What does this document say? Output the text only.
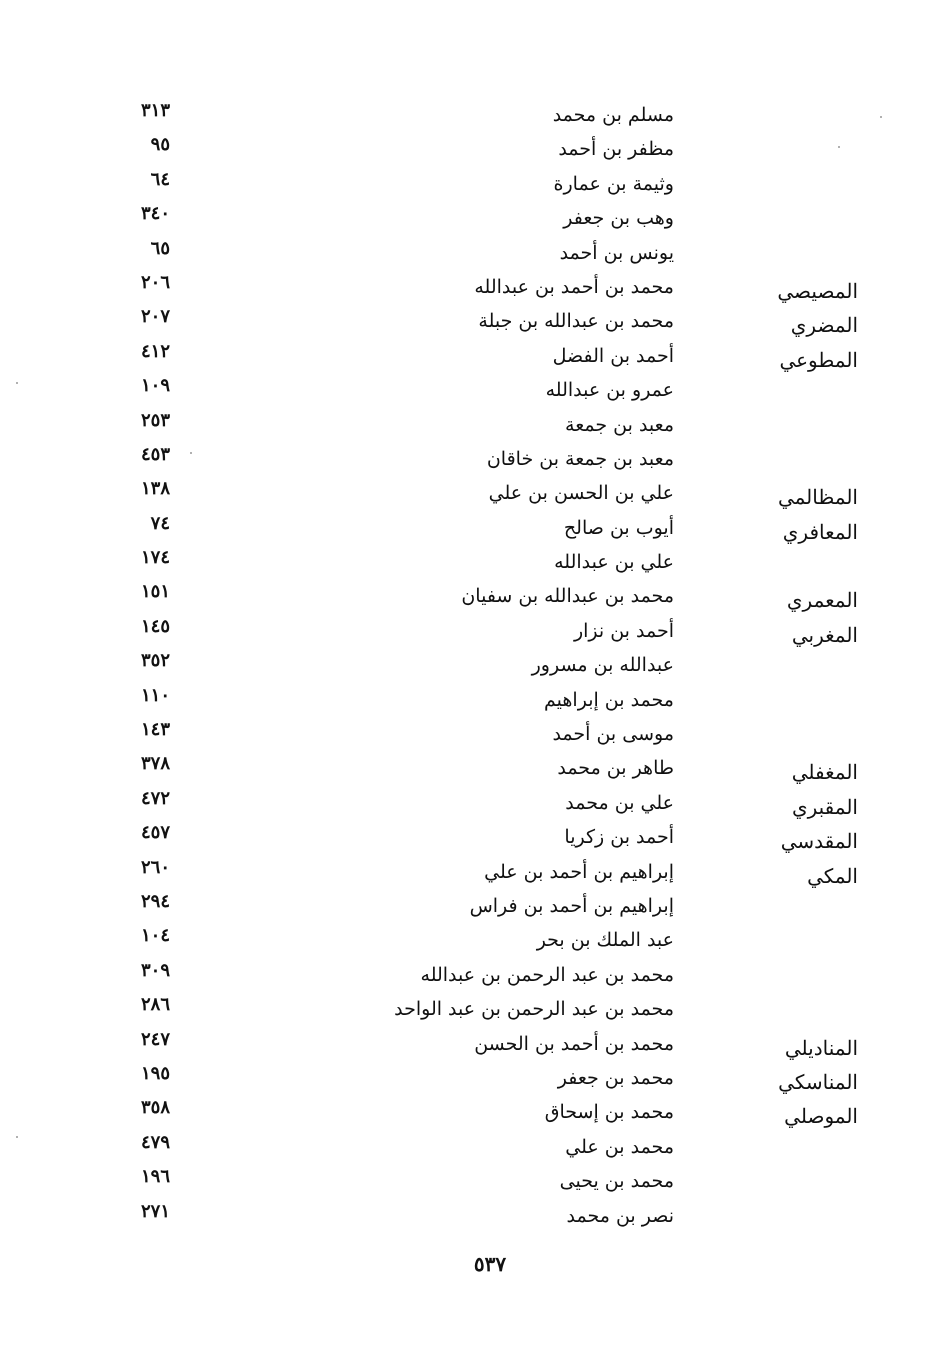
مسلم بن محمد
٣١٣
مظفر بن أحمد
٩٥
وثيمة بن عمارة
٦٤
وهب بن جعفر
٣٤٠
يونس بن أحمد
٦٥
المصيصي
محمد بن أحمد بن عبدالله
٢٠٦
المضري
محمد بن عبدالله بن جبلة
٢٠٧
المطوعي
أحمد بن الفضل
٤١٢
عمرو بن عبدالله
١٠٩
معبد بن جمعة
٢٥٣
معبد بن جمعة بن خاقان
٤٥٣
المظالمي
علي بن الحسن بن علي
١٣٨
المعافري
أيوب بن صالح
٧٤
علي بن عبدالله
١٧٤
المعمري
محمد بن عبدالله بن سفيان
١٥١
المغربي
أحمد بن نزار
١٤٥
عبدالله بن مسرور
٣٥٢
محمد بن إبراهيم
١١٠
موسى بن أحمد
١٤٣
المغفلي
طاهر بن محمد
٣٧٨
المقبري
علي بن محمد
٤٧٢
المقدسي
أحمد بن زكريا
٤٥٧
المكي
إبراهيم بن أحمد بن علي
٢٦٠
إبراهيم بن أحمد بن فراس
٢٩٤
عبد الملك بن بحر
١٠٤
محمد بن عبد الرحمن بن عبدالله
٣٠٩
محمد بن عبد الرحمن بن عبد الواحد
٢٨٦
المناديلي
محمد بن أحمد بن الحسن
٢٤٧
المناسكي
محمد بن جعفر
١٩٥
الموصلي
محمد بن إسحاق
٣٥٨
محمد بن علي
٤٧٩
محمد بن يحيى
١٩٦
نصر بن محمد
٢٧١
٥٣٧
